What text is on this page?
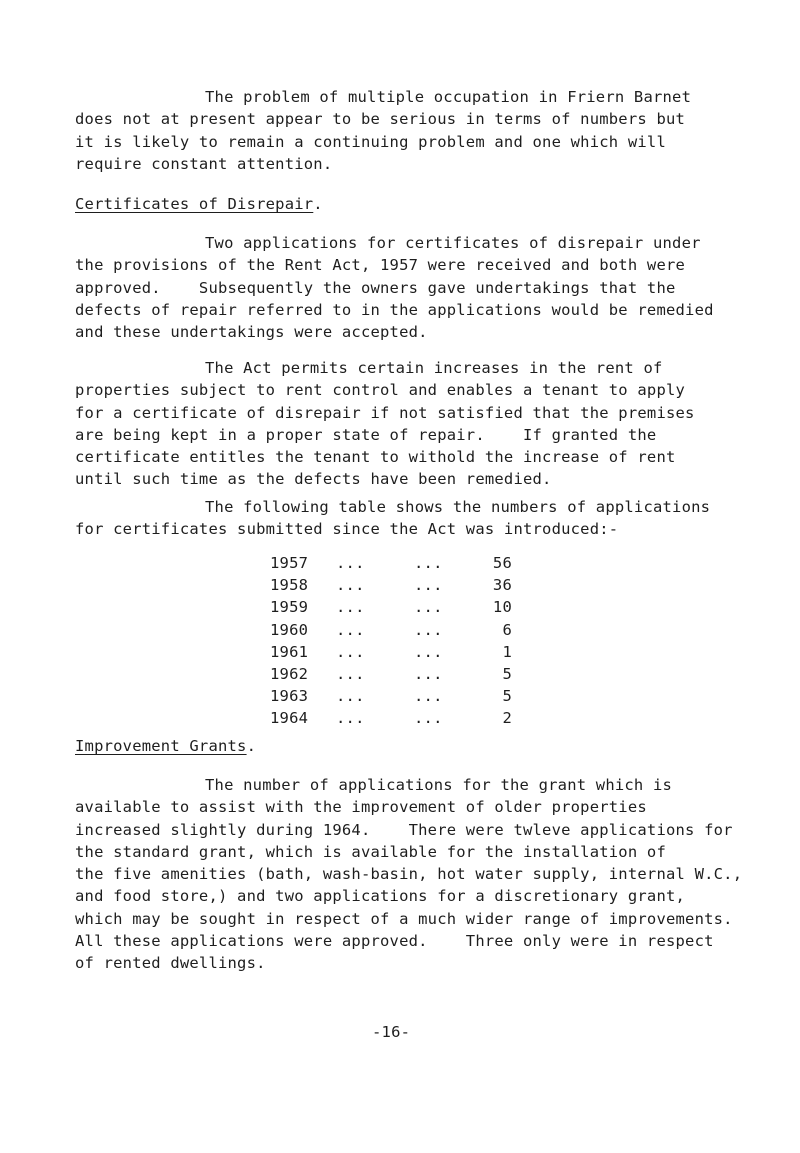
The problem of multiple occupation in Friern Barnet
does not at present appear to be serious in terms of numbers but
it is likely to remain a continuing problem and one which will
require constant attention.

Certificates of Disrepair.

Two applications for certificates of disrepair under
the provisions of the Rent Act, 1957 were received and both were
approved.    Subsequently the owners gave undertakings that the
defects of repair referred to in the applications would be remedied
and these undertakings were accepted.

The Act permits certain increases in the rent of
properties subject to rent control and enables a tenant to apply
for a certificate of disrepair if not satisfied that the premises
are being kept in a proper state of repair.    If granted the
certificate entitles the tenant to withold the increase of rent
until such time as the defects have been remedied.

The following table shows the numbers of applications
for certificates submitted since the Act was introduced:-

1957 ...	...	56
1958 ...	...	36
1959 ...	...	10
1960 ...	...	6
1961 ...	...	1
1962 ...	...	5
1963 ...	...	5
1964 ...	...	2
Improvement Grants.

The number of applications for the grant which is
available to assist with the improvement of older properties
increased slightly during 1964.    There were twleve applications for
the standard grant, which is available for the installation of
the five amenities (bath, wash-basin, hot water supply, internal W.C.,
and food store,) and two applications for a discretionary grant,
which may be sought in respect of a much wider range of improvements.
All these applications were approved.    Three only were in respect
of rented dwellings.

-16-
